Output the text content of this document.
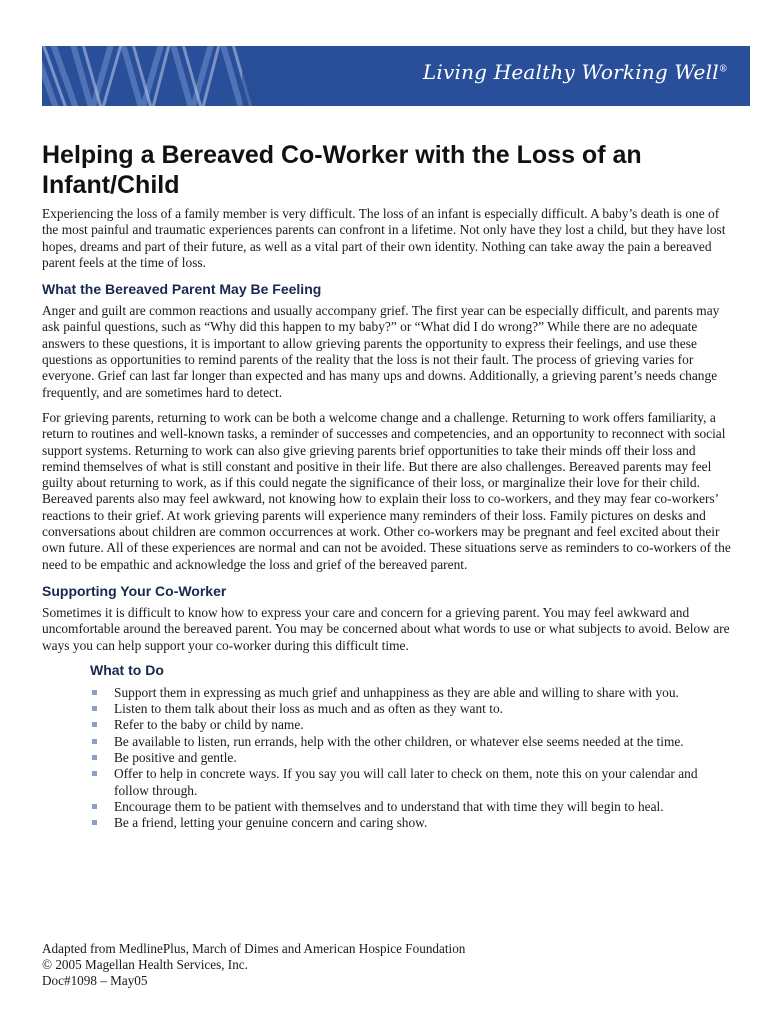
Living Healthy Working Well®
Helping a Bereaved Co-Worker with the Loss of an Infant/Child

Experiencing the loss of a family member is very difficult. The loss of an infant is especially difficult. A baby’s death is one of the most painful and traumatic experiences parents can confront in a lifetime. Not only have they lost a child, but they have lost hopes, dreams and part of their future, as well as a vital part of their own identity. Nothing can take away the pain a bereaved parent feels at the time of loss.

What the Bereaved Parent May Be Feeling

Anger and guilt are common reactions and usually accompany grief. The first year can be especially difficult, and parents may ask painful questions, such as “Why did this happen to my baby?” or “What did I do wrong?” While there are no adequate answers to these questions, it is important to allow grieving parents the opportunity to express their feelings, and use these questions as opportunities to remind parents of the reality that the loss is not their fault. The process of grieving varies for everyone. Grief can last far longer than expected and has many ups and downs. Additionally, a grieving parent’s needs change frequently, and are sometimes hard to detect.

For grieving parents, returning to work can be both a welcome change and a challenge. Returning to work offers familiarity, a return to routines and well-known tasks, a reminder of successes and competencies, and an opportunity to reconnect with social support systems. Returning to work can also give grieving parents brief opportunities to take their minds off their loss and remind themselves of what is still constant and positive in their life. But there are also challenges. Bereaved parents may feel guilty about returning to work, as if this could negate the significance of their loss, or marginalize their love for their child. Bereaved parents also may feel awkward, not knowing how to explain their loss to co-workers, and they may fear co-workers’ reactions to their grief. At work grieving parents will experience many reminders of their loss. Family pictures on desks and conversations about children are common occurrences at work. Other co-workers may be pregnant and feel excited about their own future. All of these experiences are normal and can not be avoided. These situations serve as reminders to co-workers of the need to be empathic and acknowledge the loss and grief of the bereaved parent.

Supporting Your Co-Worker

Sometimes it is difficult to know how to express your care and concern for a grieving parent. You may feel awkward and uncomfortable around the bereaved parent. You may be concerned about what words to use or what subjects to avoid. Below are ways you can help support your co-worker during this difficult time.

What to Do
Support them in expressing as much grief and unhappiness as they are able and willing to share with you.
Listen to them talk about their loss as much and as often as they want to.
Refer to the baby or child by name.
Be available to listen, run errands, help with the other children, or whatever else seems needed at the time.
Be positive and gentle.
Offer to help in concrete ways. If you say you will call later to check on them, note this on your calendar and follow through.
Encourage them to be patient with themselves and to understand that with time they will begin to heal.
Be a friend, letting your genuine concern and caring show.
Adapted from MedlinePlus, March of Dimes and American Hospice Foundation
© 2005 Magellan Health Services, Inc.
Doc#1098 – May05
